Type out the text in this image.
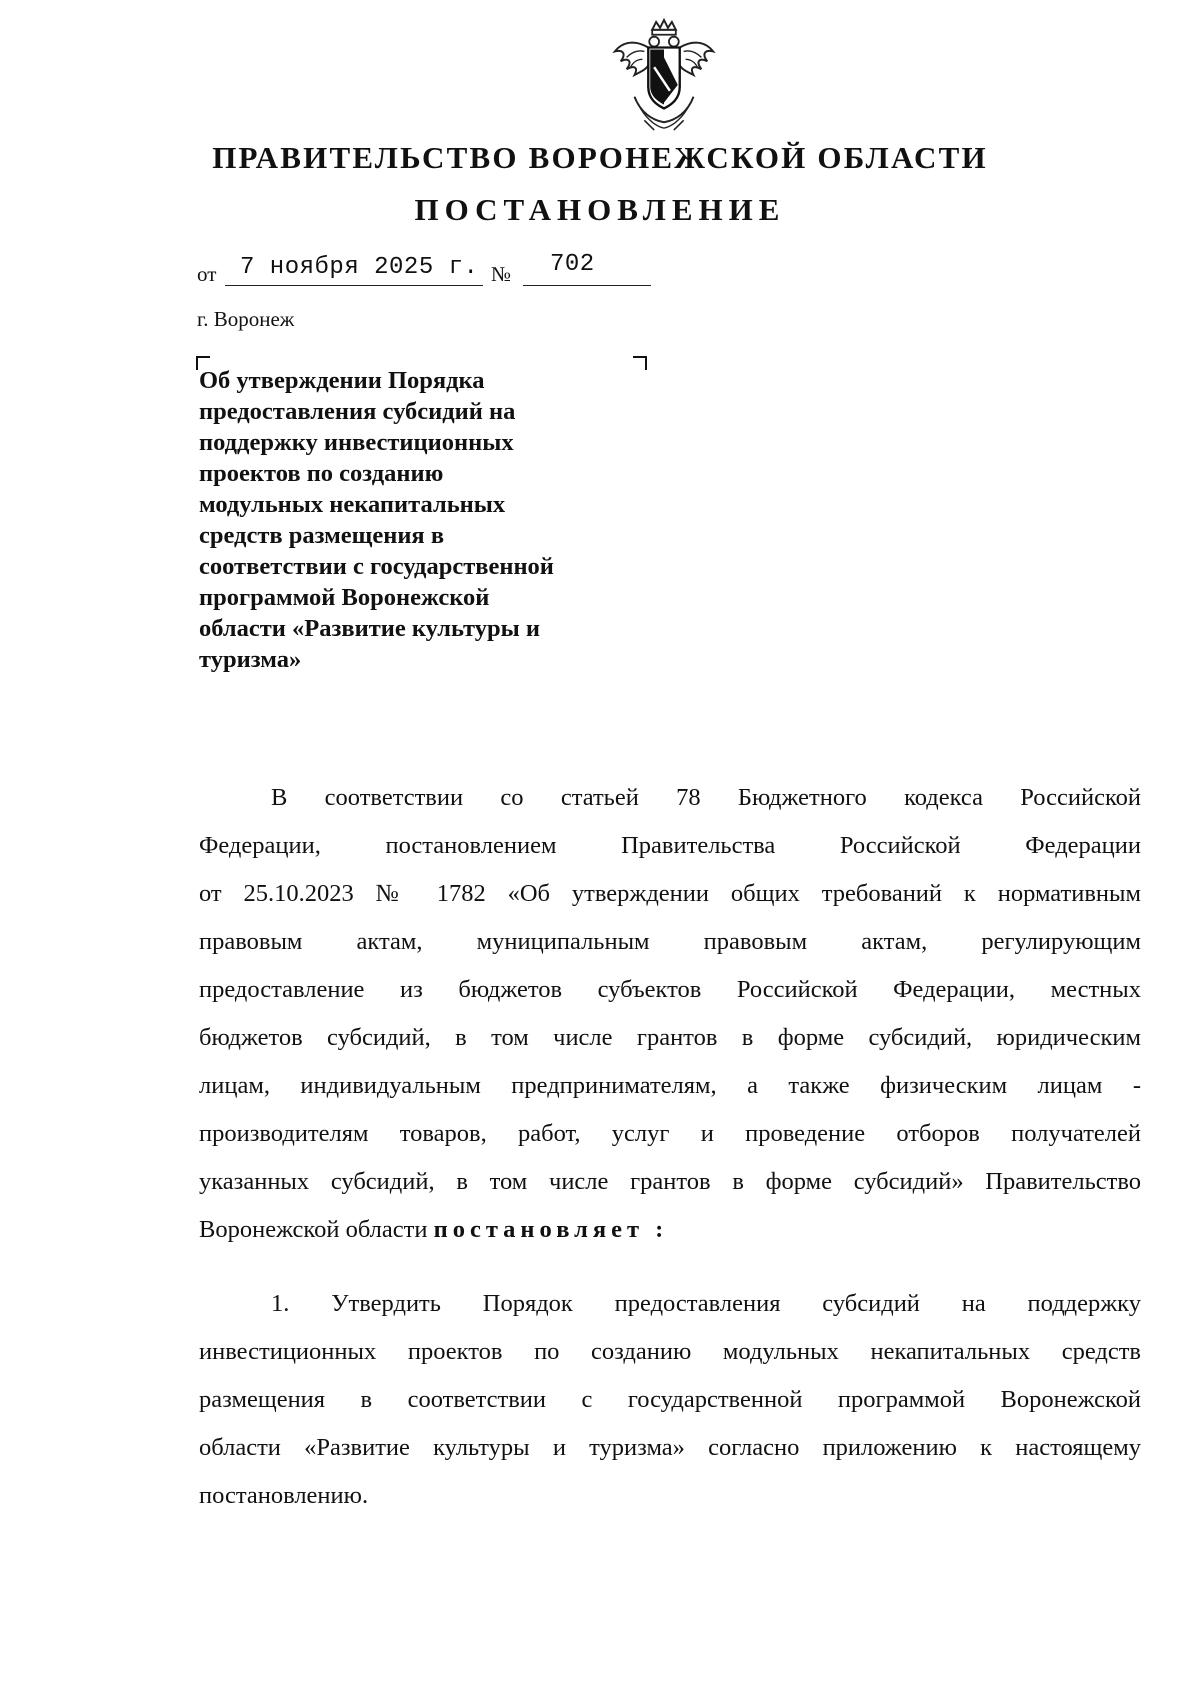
ПРАВИТЕЛЬСТВО ВОРОНЕЖСКОЙ ОБЛАСТИ
ПОСТАНОВЛЕНИЕ
от 7 ноября 2025 г. № 702
г. Воронеж
Об утверждении Порядка
предоставления субсидий на
поддержку инвестиционных
проектов по созданию
модульных некапитальных
средств размещения в
соответствии с государственной
программой Воронежской
области «Развитие культуры и
туризма»
В соответствии со статьей 78 Бюджетного кодекса Российской
Федерации, постановлением Правительства Российской Федерации
от 25.10.2023 № 1782 «Об утверждении общих требований к нормативным
правовым актам, муниципальным правовым актам, регулирующим
предоставление из бюджетов субъектов Российской Федерации, местных
бюджетов субсидий, в том числе грантов в форме субсидий, юридическим
лицам, индивидуальным предпринимателям, а также физическим лицам -
производителям товаров, работ, услуг и проведение отборов получателей
указанных субсидий, в том числе грантов в форме субсидий» Правительство
Воронежской области постановляет :
1. Утвердить Порядок предоставления субсидий на поддержку
инвестиционных проектов по созданию модульных некапитальных средств
размещения в соответствии с государственной программой Воронежской
области «Развитие культуры и туризма» согласно приложению к настоящему
постановлению.
